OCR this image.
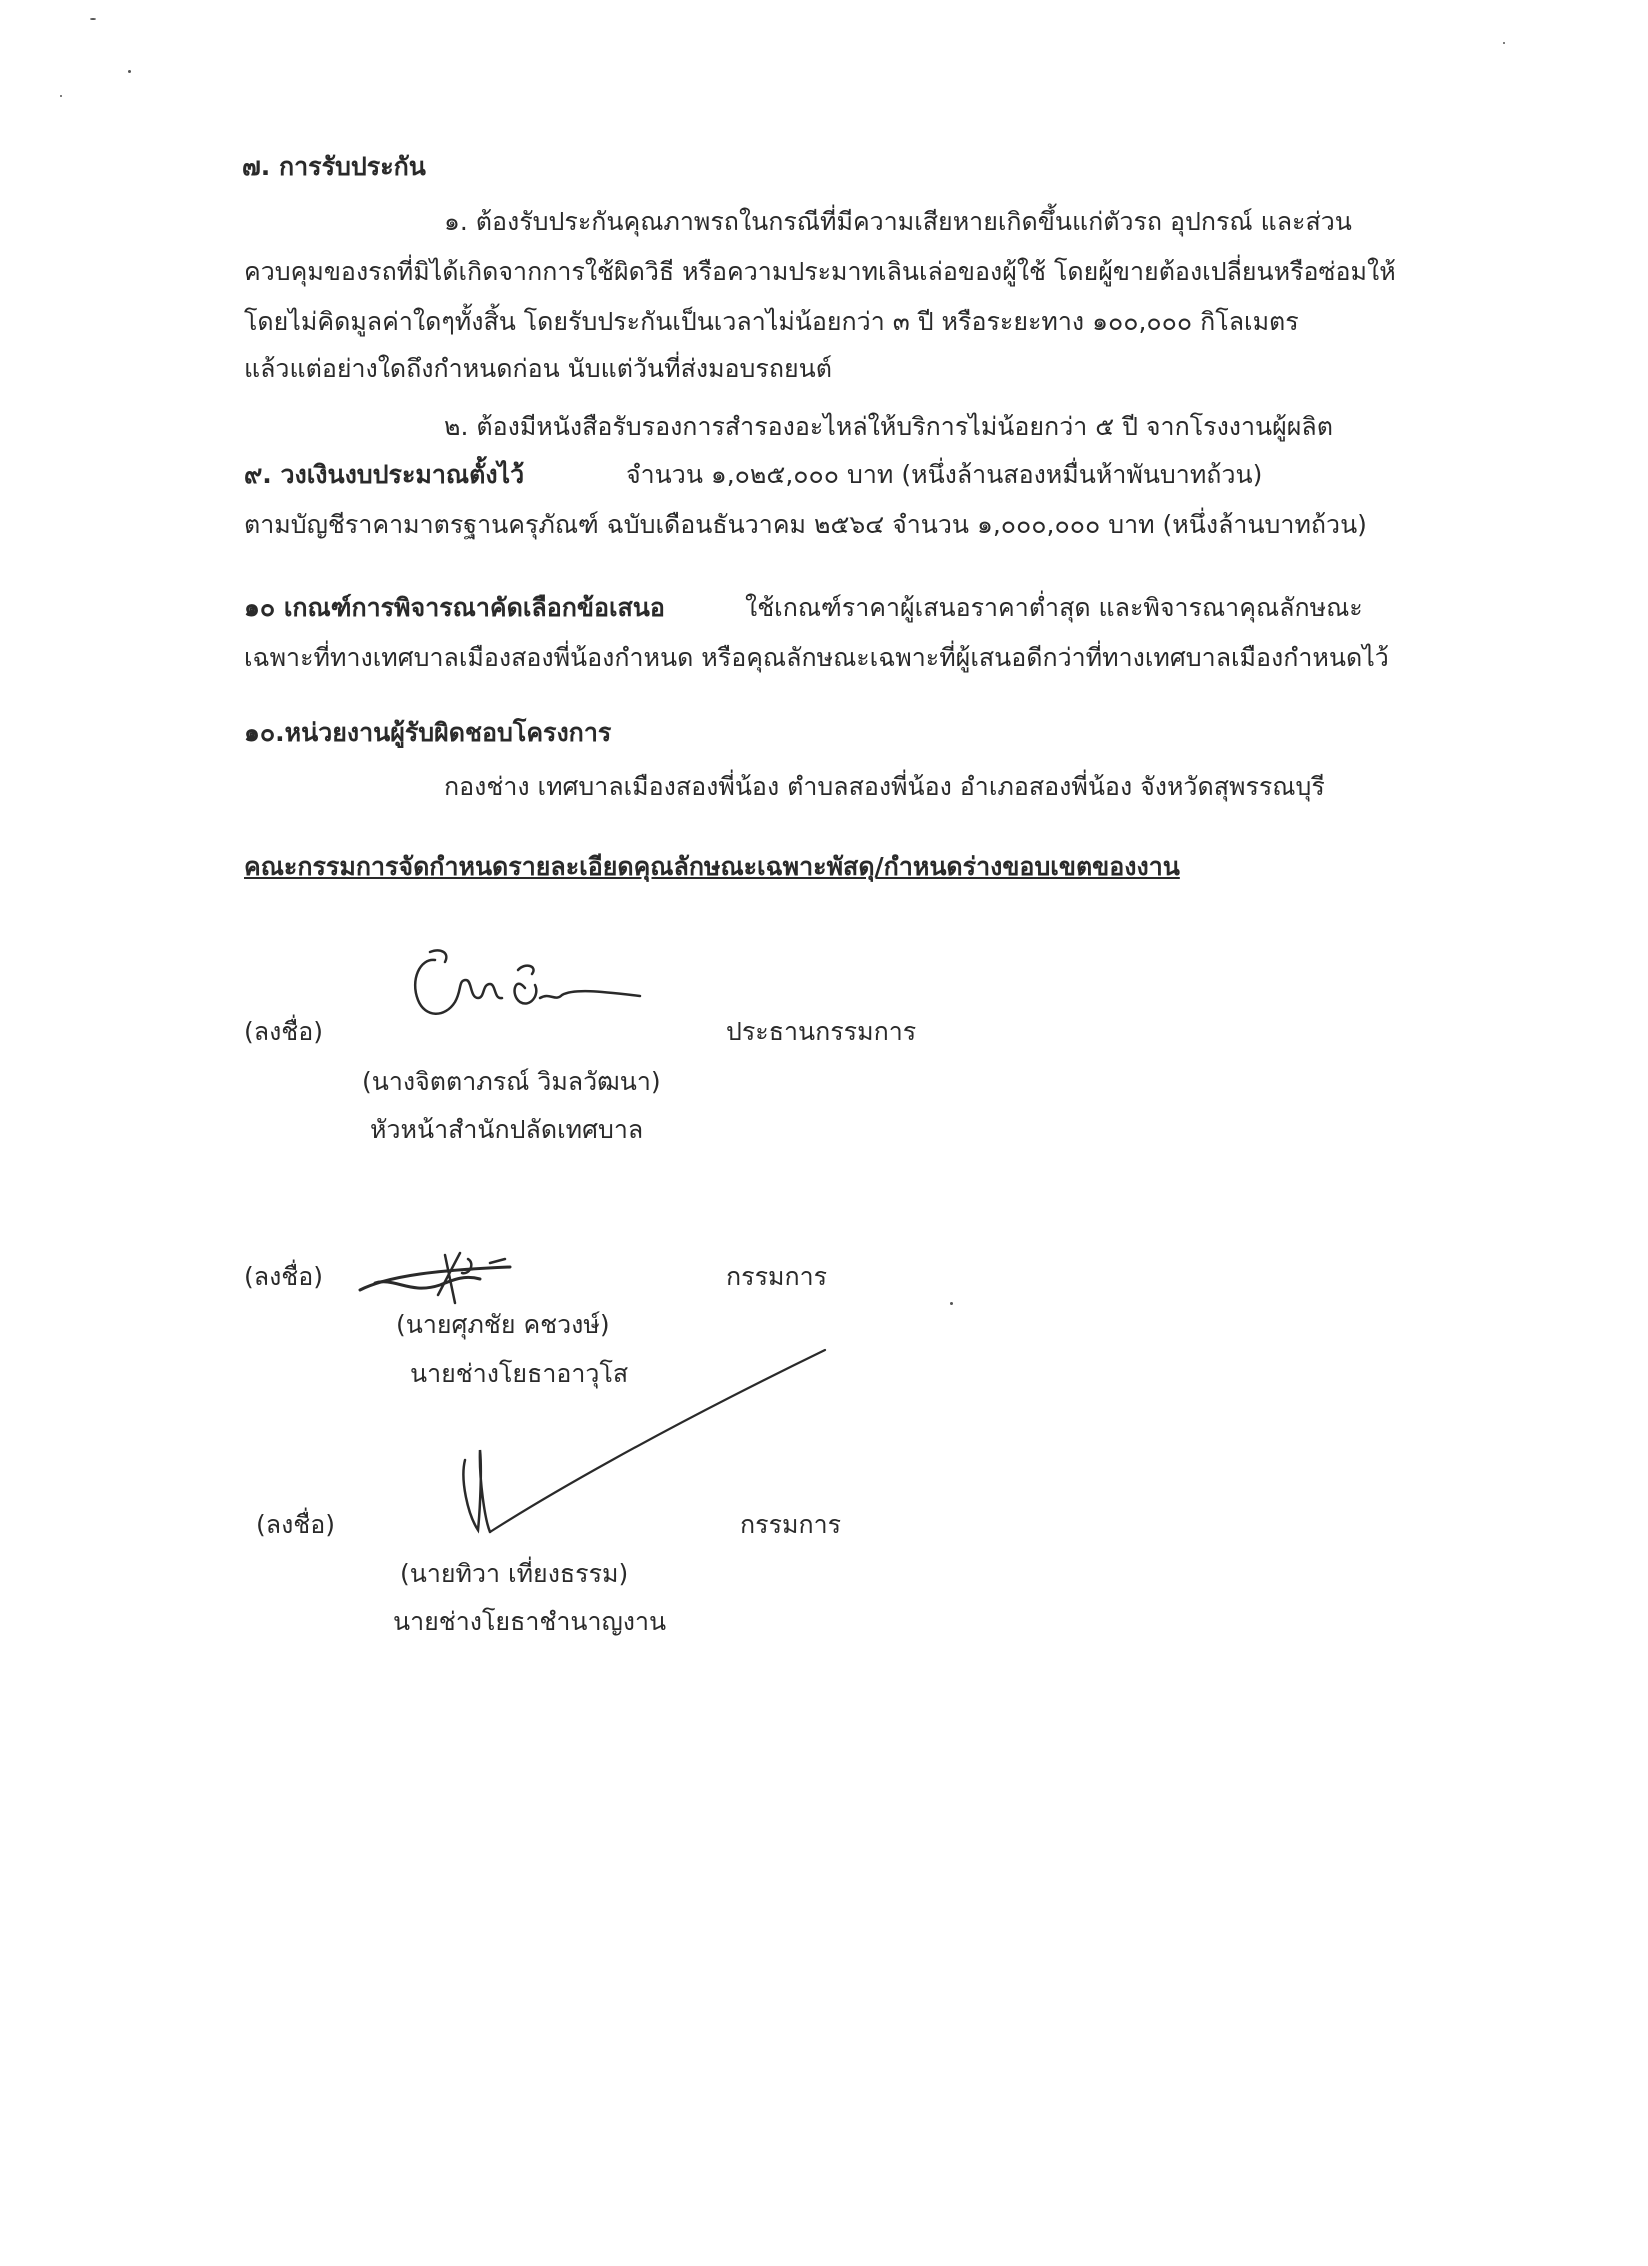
๗. การรับประกัน
๑. ต้องรับประกันคุณภาพรถในกรณีที่มีความเสียหายเกิดขึ้นแก่ตัวรถ อุปกรณ์ และส่วน
ควบคุมของรถที่มิได้เกิดจากการใช้ผิดวิธี หรือความประมาทเลินเล่อของผู้ใช้ โดยผู้ขายต้องเปลี่ยนหรือซ่อมให้
โดยไม่คิดมูลค่าใดๆทั้งสิ้น โดยรับประกันเป็นเวลาไม่น้อยกว่า ๓ ปี หรือระยะทาง ๑๐๐,๐๐๐ กิโลเมตร
แล้วแต่อย่างใดถึงกำหนดก่อน นับแต่วันที่ส่งมอบรถยนต์
๒. ต้องมีหนังสือรับรองการสำรองอะไหล่ให้บริการไม่น้อยกว่า ๕ ปี จากโรงงานผู้ผลิต
๙. วงเงินงบประมาณตั้งไว้	จำนวน ๑,๐๒๕,๐๐๐ บาท (หนึ่งล้านสองหมื่นห้าพันบาทถ้วน)
ตามบัญชีราคามาตรฐานครุภัณฑ์ ฉบับเดือนธันวาคม ๒๕๖๔ จำนวน ๑,๐๐๐,๐๐๐ บาท (หนึ่งล้านบาทถ้วน)
๑๐ เกณฑ์การพิจารณาคัดเลือกข้อเสนอ	ใช้เกณฑ์ราคาผู้เสนอราคาต่ำสุด และพิจารณาคุณลักษณะ
เฉพาะที่ทางเทศบาลเมืองสองพี่น้องกำหนด หรือคุณลักษณะเฉพาะที่ผู้เสนอดีกว่าที่ทางเทศบาลเมืองกำหนดไว้
๑๐.หน่วยงานผู้รับผิดชอบโครงการ
กองช่าง เทศบาลเมืองสองพี่น้อง ตำบลสองพี่น้อง อำเภอสองพี่น้อง จังหวัดสุพรรณบุรี
คณะกรรมการจัดกำหนดรายละเอียดคุณลักษณะเฉพาะพัสดุ/กำหนดร่างขอบเขตของงาน
(ลงชื่อ)	ประธานกรรมการ
(นางจิตตาภรณ์ วิมลวัฒนา)
หัวหน้าสำนักปลัดเทศบาล
(ลงชื่อ)	กรรมการ
(นายศุภชัย คชวงษ์)
นายช่างโยธาอาวุโส
(ลงชื่อ)	กรรมการ
(นายทิวา เที่ยงธรรม)
นายช่างโยธาชำนาญงาน
